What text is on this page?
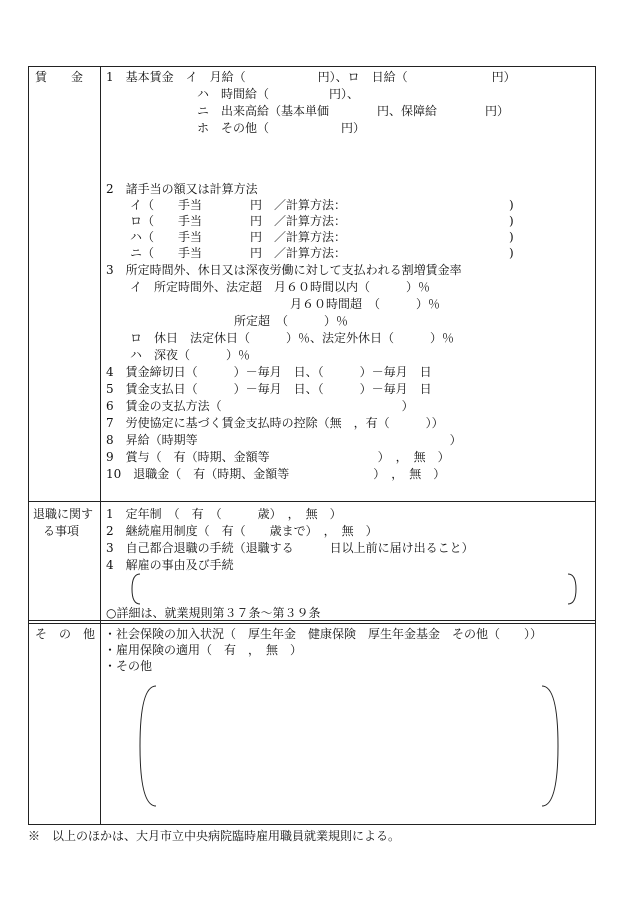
賃　　金 1　基本賃金　イ　月給（　　　　　　円）、ロ　日給（　　　　　　　円）
ハ　時間給（　　　　　円）、
ニ　出来高給（基本単価　　　　円、保障給　　　　円）
ホ　その他（　　　　　　円）
2　諸手当の額又は計算方法
イ（　　手当　　　　円　／計算方法：	)
ロ（　　手当　　　　円　／計算方法：	)
ハ（　　手当　　　　円　／計算方法：	)
ニ（　　手当　　　　円　／計算方法：	)
3　所定時間外、休日又は深夜労働に対して支払われる割増賃金率
イ　所定時間外、法定超　月６０時間以内（　　　）％
月６０時間超　（　　　）％
所定超　（　　　）％
ロ　休日　法定休日（　　　）％、法定外休日（　　　）％
ハ　深夜（　　　）％
4　賃金締切日（　　　）－毎月　日、（　　　）－毎月　日
5　賃金支払日（　　　）－毎月　日、（　　　）－毎月　日
6　賃金の支払方法（　　　　　　　　　　　　　　　）
7　労使協定に基づく賃金支払時の控除（無　，有（　　　））
8　昇給（時期等　　　　　　　　　　　　　　　　　　　　　）
9　賞与（　有（時期、金額等　　　　　　　　　）　，　無　）
10　退職金（　有（時期、金額等　　　　　　　）　，　無　）
退職に関す
る事項
1　定年制　（　有　（　　　歳）　，　無　）
2　継続雇用制度（　有（　　歳まで）　，　無　）
3　自己都合退職の手続（退職する　　　日以上前に届け出ること）
4　解雇の事由及び手続
○詳細は、就業規則第３７条～第３９条
そ　の　他 ・社会保険の加入状況（　厚生年金　健康保険　厚生年金基金　その他（　　））
・雇用保険の適用（　有　，　無　）
・その他
※　以上のほかは、大月市立中央病院臨時雇用職員就業規則による。
